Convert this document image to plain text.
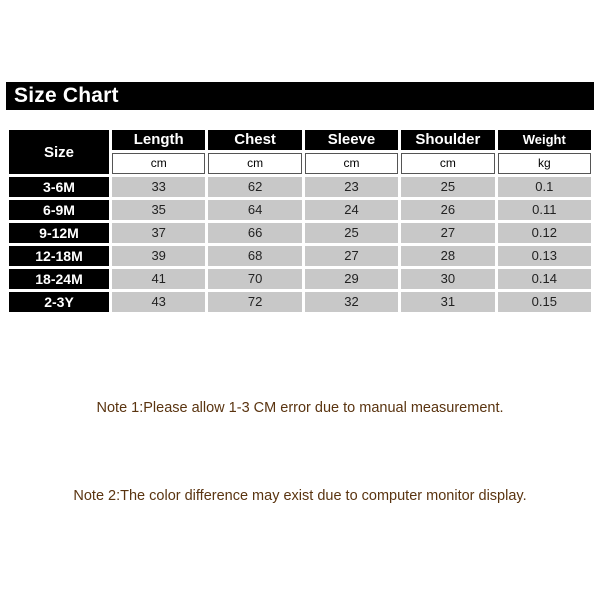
Size Chart
Size	Length	Chest	Sleeve	Shoulder	Weight
	cm	cm	cm	cm	kg
3-6M	33	62	23	25	0.1
6-9M	35	64	24	26	0.11
9-12M	37	66	25	27	0.12
12-18M	39	68	27	28	0.13
18-24M	41	70	29	30	0.14
2-3Y	43	72	32	31	0.15
Note 1:Please allow 1-3 CM error due to manual measurement.
Note 2:The color difference may exist due to computer monitor display.
